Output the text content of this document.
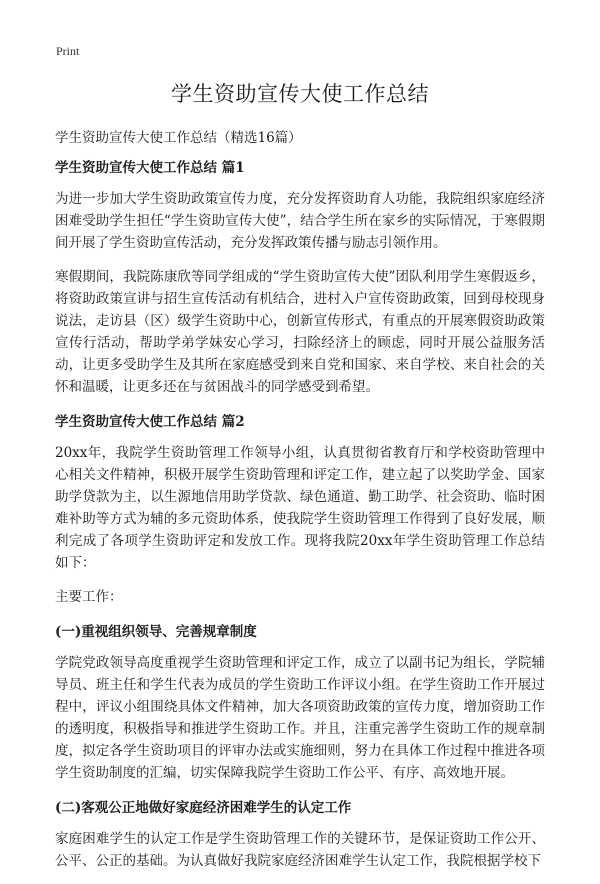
Print
学生资助宣传大使工作总结
学生资助宣传大使工作总结（精选16篇）
学生资助宣传大使工作总结 篇1

为进一步加大学生资助政策宣传力度，充分发挥资助育人功能，我院组织家庭经济困难受助学生担任“学生资助宣传大使”，结合学生所在家乡的实际情况，于寒假期间开展了学生资助宣传活动，充分发挥政策传播与励志引领作用。

寒假期间，我院陈康欣等同学组成的“学生资助宣传大使”团队利用学生寒假返乡，将资助政策宣讲与招生宣传活动有机结合，进村入户宣传资助政策，回到母校现身说法，走访县（区）级学生资助中心，创新宣传形式，有重点的开展寒假资助政策宣传行活动，帮助学弟学妹安心学习，扫除经济上的顾虑，同时开展公益服务活动，让更多受助学生及其所在家庭感受到来自党和国家、来自学校、来自社会的关怀和温暖，让更多还在与贫困战斗的同学感受到希望。

学生资助宣传大使工作总结 篇2

20xx年，我院学生资助管理工作领导小组，认真贯彻省教育厅和学校资助管理中心相关文件精神，积极开展学生资助管理和评定工作，建立起了以奖助学金、国家助学贷款为主，以生源地信用助学贷款、绿色通道、勤工助学、社会资助、临时困难补助等方式为辅的多元资助体系，使我院学生资助管理工作得到了良好发展，顺利完成了各项学生资助评定和发放工作。现将我院20xx年学生资助管理工作总结如下：

主要工作：

(一)重视组织领导、完善规章制度

学院党政领导高度重视学生资助管理和评定工作，成立了以副书记为组长，学院辅导员、班主任和学生代表为成员的学生资助工作评议小组。在学生资助工作开展过程中，评议小组围绕具体文件精神，加大各项资助政策的宣传力度，增加资助工作的透明度，积极指导和推进学生资助工作。并且，注重完善学生资助工作的规章制度，拟定各学生资助项目的评审办法或实施细则，努力在具体工作过程中推进各项学生资助制度的汇编，切实保障我院学生资助工作公平、有序、高效地开展。

(二)客观公正地做好家庭经济困难学生的认定工作

家庭困难学生的认定工作是学生资助管理工作的关键环节，是保证资助工作公开、公平、公正的基础。为认真做好我院家庭经济困难学生认定工作，我院根据学校下
